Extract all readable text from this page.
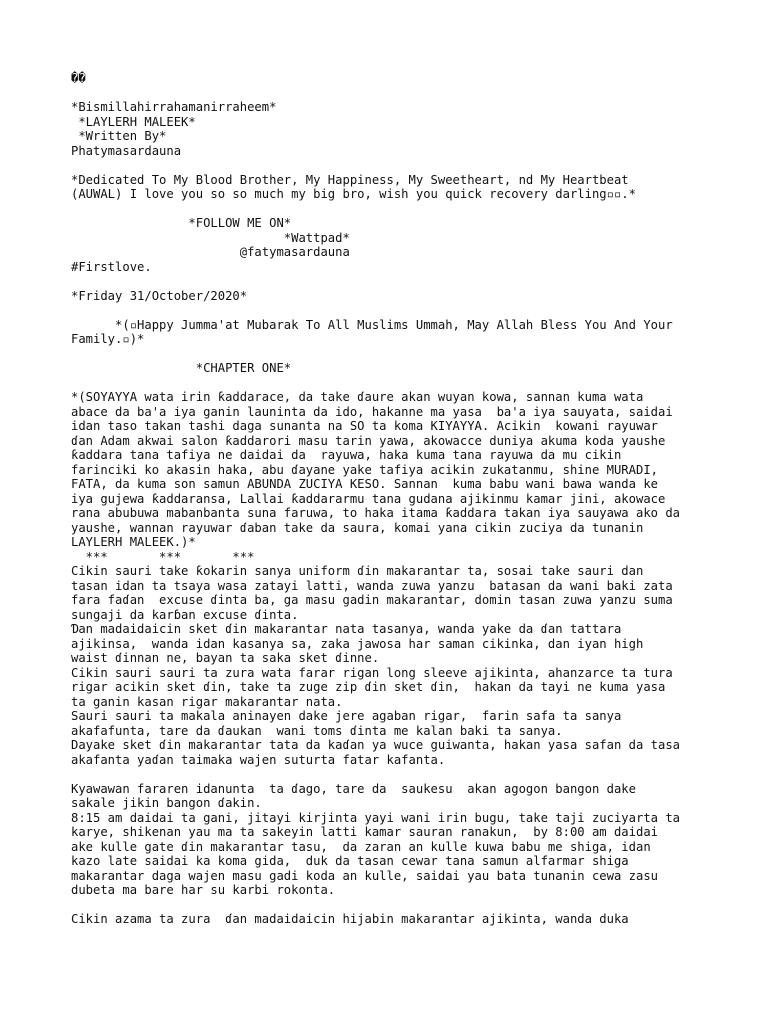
��
*Bismillahirrahamanirraheem*
*LAYLERH MALEEK*
*Written By*
Phatymasardauna
*Dedicated To My Blood Brother, My Happiness, My Sweetheart, nd My Heartbeat
(AUWAL) I love you so so much my big bro, wish you quick recovery darling▫▫.*
*FOLLOW ME ON*
*Wattpad*
@fatymasardauna
#Firstlove.
*Friday 31/October/2020*
*(▫Happy Jumma'at Mubarak To All Muslims Ummah, May Allah Bless You And Your
Family.▫)*
*CHAPTER ONE*
*(SOYAYYA wata irin ƙaddarace, da take ɗaure akan wuyan kowa, sannan kuma wata
abace da ba'a iya ganin launinta da ido, hakanne ma yasa  ba'a iya sauyata, saidai
idan taso takan tashi daga sunanta na SO ta koma KIYAYYA. Acikin  kowani rayuwar
ɗan Adam akwai salon ƙaddarori masu tarin yawa, akowacce duniya akuma koda yaushe
ƙaddara tana tafiya ne daidai da  rayuwa, haka kuma tana rayuwa da mu cikin
farinciki ko akasin haka, abu ɗayane yake tafiya acikin zukatanmu, shine MURADI,
FATA, da kuma son samun ABUNDA ZUCIYA KESO. Sannan  kuma babu wani bawa wanda ke
iya gujewa ƙaddaransa, Lallai ƙaddararmu tana gudana ajikinmu kamar jini, akowace
rana abubuwa mabanbanta suna faruwa, to haka itama ƙaddara takan iya sauyawa ako da
yaushe, wannan rayuwar ɗaban take da saura, komai yana cikin zuciya da tunanin
LAYLERH MALEEK.)*
***       ***       ***
Cikin sauri take ƙokarin sanya uniform ɗin makarantar ta, sosai take sauri dan
tasan idan ta tsaya wasa zatayi latti, wanda zuwa yanzu  batasan da wani baki zata
fara faɗan  excuse ɗinta ba, ga masu gadin makarantar, domin tasan zuwa yanzu suma
sungaji da karɓan excuse ɗinta.
Ɗan madaidaicin sket ɗin makarantar nata tasanya, wanda yake da ɗan tattara
ajikinsa,  wanda idan kasanya sa, zaka jawosa har saman cikinka, dan iyan high
waist ɗinnan ne, bayan ta saka sket ɗinne.
Cikin sauri sauri ta zura wata farar rigan long sleeve ajikinta, ahanzarce ta tura
rigar acikin sket ɗin, take ta zuge zip ɗin sket ɗin,  hakan da tayi ne kuma yasa
ta ganin kasan rigar makarantar nata.
Sauri sauri ta makala aninayen dake jere agaban rigar,  farin safa ta sanya
akafafunta, tare da ɗaukan  wani toms ɗinta me kalan baki ta sanya.
Dayake sket ɗin makarantar tata da kaɗan ya wuce guiwanta, hakan yasa safan da tasa
akafanta yaɗan taimaka wajen suturta fatar kafanta.
Kyawawan fararen idanunta  ta ɗago, tare da  saukesu  akan agogon bangon dake
sakale jikin bangon ɗakin.
8:15 am daidai ta gani, jitayi kirjinta yayi wani irin bugu, take taji zuciyarta ta
karye, shikenan yau ma ta sakeyin latti kamar sauran ranakun,  by 8:00 am daidai
ake kulle gate ɗin makarantar tasu,  da zaran an kulle kuwa babu me shiga, idan
kazo late saidai ka koma gida,  duk da tasan cewar tana samun alfarmar shiga
makarantar daga wajen masu gadi koda an kulle, saidai yau bata tunanin cewa zasu
dubeta ma bare har su karbi rokonta.
Cikin azama ta zura  ɗan madaidaicin hijabin makarantar ajikinta, wanda duka
